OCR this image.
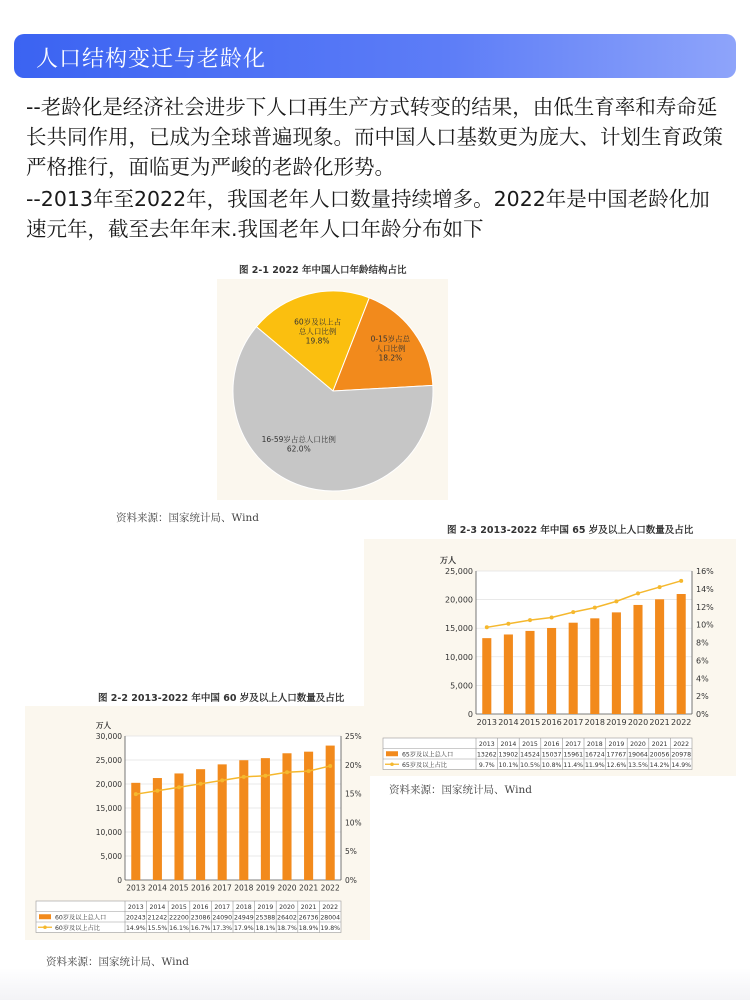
人口结构变迁与老龄化
--老龄化是经济社会进步下人口再生产方式转变的结果，由低生育率和寿命延长共同作用，已成为全球普遍现象。而中国人口基数更为庞大、计划生育政策严格推行，面临更为严峻的老龄化形势。
--2013年至2022年，我国老年人口数量持续增多。2022年是中国老龄化加速元年，截至去年年末.我国老年人口年龄分布如下
图 2-1 2022 年中国人口年龄结构占比
60岁及以上占
总人口比例
19.8%	0-15岁占总
人口比例
18.2%
16-59岁占总人口比例
62.0%
资料来源：国家统计局、Wind
图 2-3 2013-2022 年中国 65 岁及以上人口数量及占比
万人
0
5,000
10,000
15,000
20,000
25,000
0%
2%
4%
6%
8%
10%
12%
14%
16%
2013 2014 2015 2016 2017 2018 2019 2020 2021 2022
2013 2014 2015 2016 2017 2018 2019 2020 2021 2022
65岁及以上总人口	13262 13902 14524 15037 15961 16724 17767 19064 20056 20978
65岁及以上占比	9.7% 10.1% 10.5% 10.8% 11.4% 11.9% 12.6% 13.5% 14.2% 14.9%
资料来源：国家统计局、Wind
图 2-2 2013-2022 年中国 60 岁及以上人口数量及占比
万人
0
5,000
10,000
15,000
20,000
25,000
30,000
0%
5%
10%
15%
20%
25%
2013 2014 2015 2016 2017 2018 2019 2020 2021 2022
2013 2014 2015 2016 2017 2018 2019 2020 2021 2022
60岁及以上总人口	20243 21242 22200 23086 24090 24949 25388 26402 26736 28004
60岁及以上占比	14.9% 15.5% 16.1% 16.7% 17.3% 17.9% 18.1% 18.7% 18.9% 19.8%
资料来源：国家统计局、Wind
